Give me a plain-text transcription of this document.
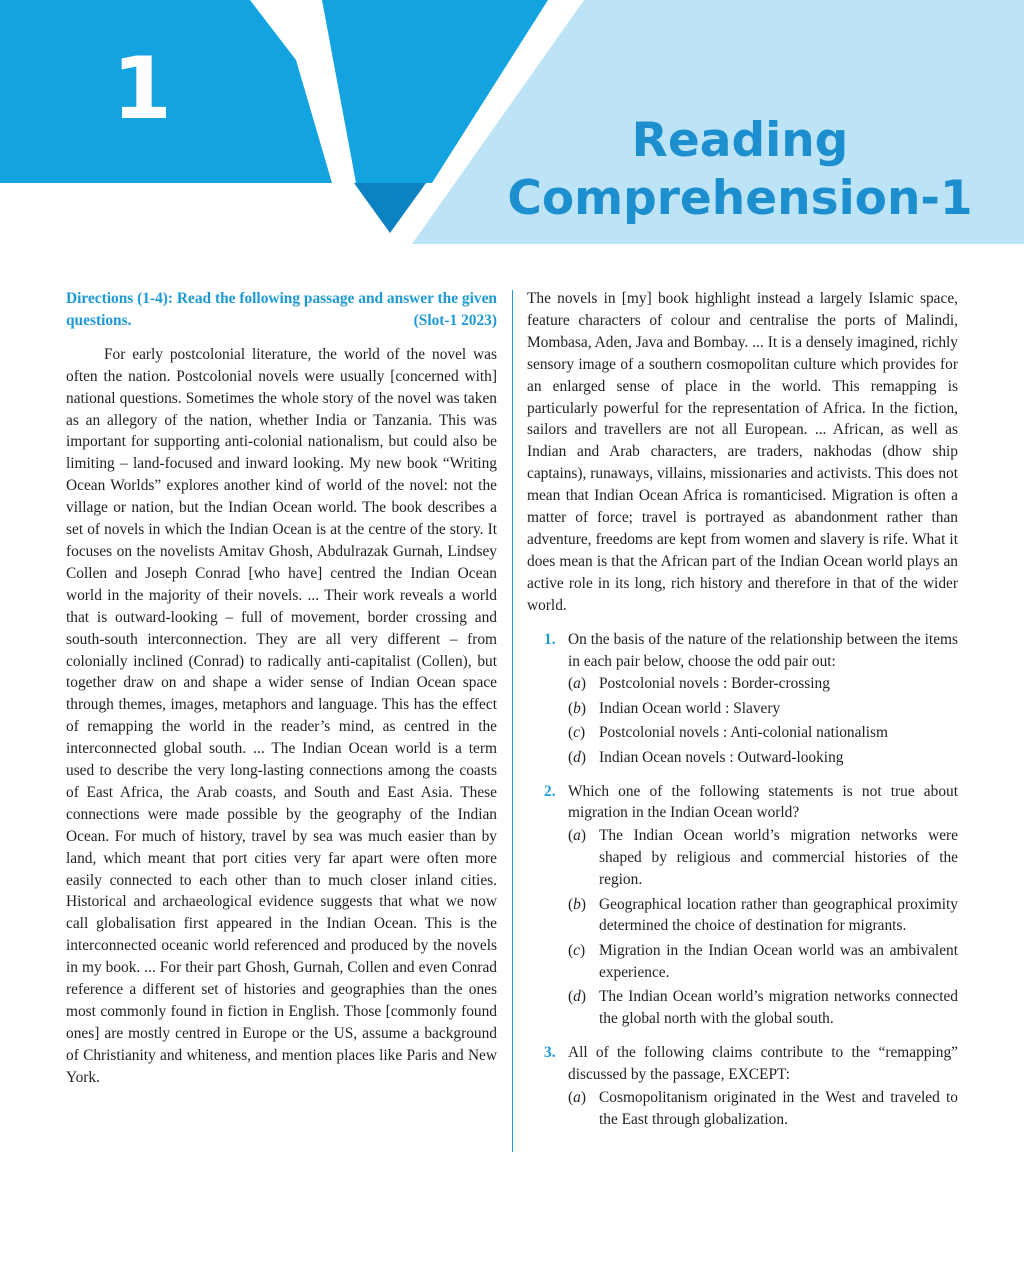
1
Reading
Comprehension-1
Directions (1-4): Read the following passage and answer the given questions.	(Slot-1 2023)

For early postcolonial literature, the world of the novel was often the nation. Postcolonial novels were usually [concerned with] national questions. Sometimes the whole story of the novel was taken as an allegory of the nation, whether India or Tanzania. This was important for supporting anti-colonial nationalism, but could also be limiting – land-focused and inward looking. My new book “Writing Ocean Worlds” explores another kind of world of the novel: not the village or nation, but the Indian Ocean world. The book describes a set of novels in which the Indian Ocean is at the centre of the story. It focuses on the novelists Amitav Ghosh, Abdulrazak Gurnah, Lindsey Collen and Joseph Conrad [who have] centred the Indian Ocean world in the majority of their novels. ... Their work reveals a world that is outward-looking – full of movement, border crossing and south-south interconnection. They are all very different – from colonially inclined (Conrad) to radically anti-capitalist (Collen), but together draw on and shape a wider sense of Indian Ocean space through themes, images, metaphors and language. This has the effect of remapping the world in the reader’s mind, as centred in the interconnected global south. ... The Indian Ocean world is a term used to describe the very long-lasting connections among the coasts of East Africa, the Arab coasts, and South and East Asia. These connections were made possible by the geography of the Indian Ocean. For much of history, travel by sea was much easier than by land, which meant that port cities very far apart were often more easily connected to each other than to much closer inland cities. Historical and archaeological evidence suggests that what we now call globalisation first appeared in the Indian Ocean. This is the interconnected oceanic world referenced and produced by the novels in my book. ... For their part Ghosh, Gurnah, Collen and even Conrad reference a different set of histories and geographies than the ones most commonly found in fiction in English. Those [commonly found ones] are mostly centred in Europe or the US, assume a background of Christianity and whiteness, and mention places like Paris and New York.

The novels in [my] book highlight instead a largely Islamic space, feature characters of colour and centralise the ports of Malindi, Mombasa, Aden, Java and Bombay. ... It is a densely imagined, richly sensory image of a southern cosmopolitan culture which provides for an enlarged sense of place in the world. This remapping is particularly powerful for the representation of Africa. In the fiction, sailors and travellers are not all European. ... African, as well as Indian and Arab characters, are traders, nakhodas (dhow ship captains), runaways, villains, missionaries and activists. This does not mean that Indian Ocean Africa is romanticised. Migration is often a matter of force; travel is portrayed as abandonment rather than adventure, freedoms are kept from women and slavery is rife. What it does mean is that the African part of the Indian Ocean world plays an active role in its long, rich history and therefore in that of the wider world.

1. On the basis of the nature of the relationship between the items in each pair below, choose the odd pair out:
(a) Postcolonial novels : Border-crossing
(b) Indian Ocean world : Slavery
(c) Postcolonial novels : Anti-colonial nationalism
(d) Indian Ocean novels : Outward-looking
2. Which one of the following statements is not true about migration in the Indian Ocean world?
(a) The Indian Ocean world’s migration networks were shaped by religious and commercial histories of the region.
(b) Geographical location rather than geographical proximity determined the choice of destination for migrants.
(c) Migration in the Indian Ocean world was an ambivalent experience.
(d) The Indian Ocean world’s migration networks connected the global north with the global south.
3. All of the following claims contribute to the “remapping” discussed by the passage, EXCEPT:
(a) Cosmopolitanism originated in the West and traveled to the East through globalization.
